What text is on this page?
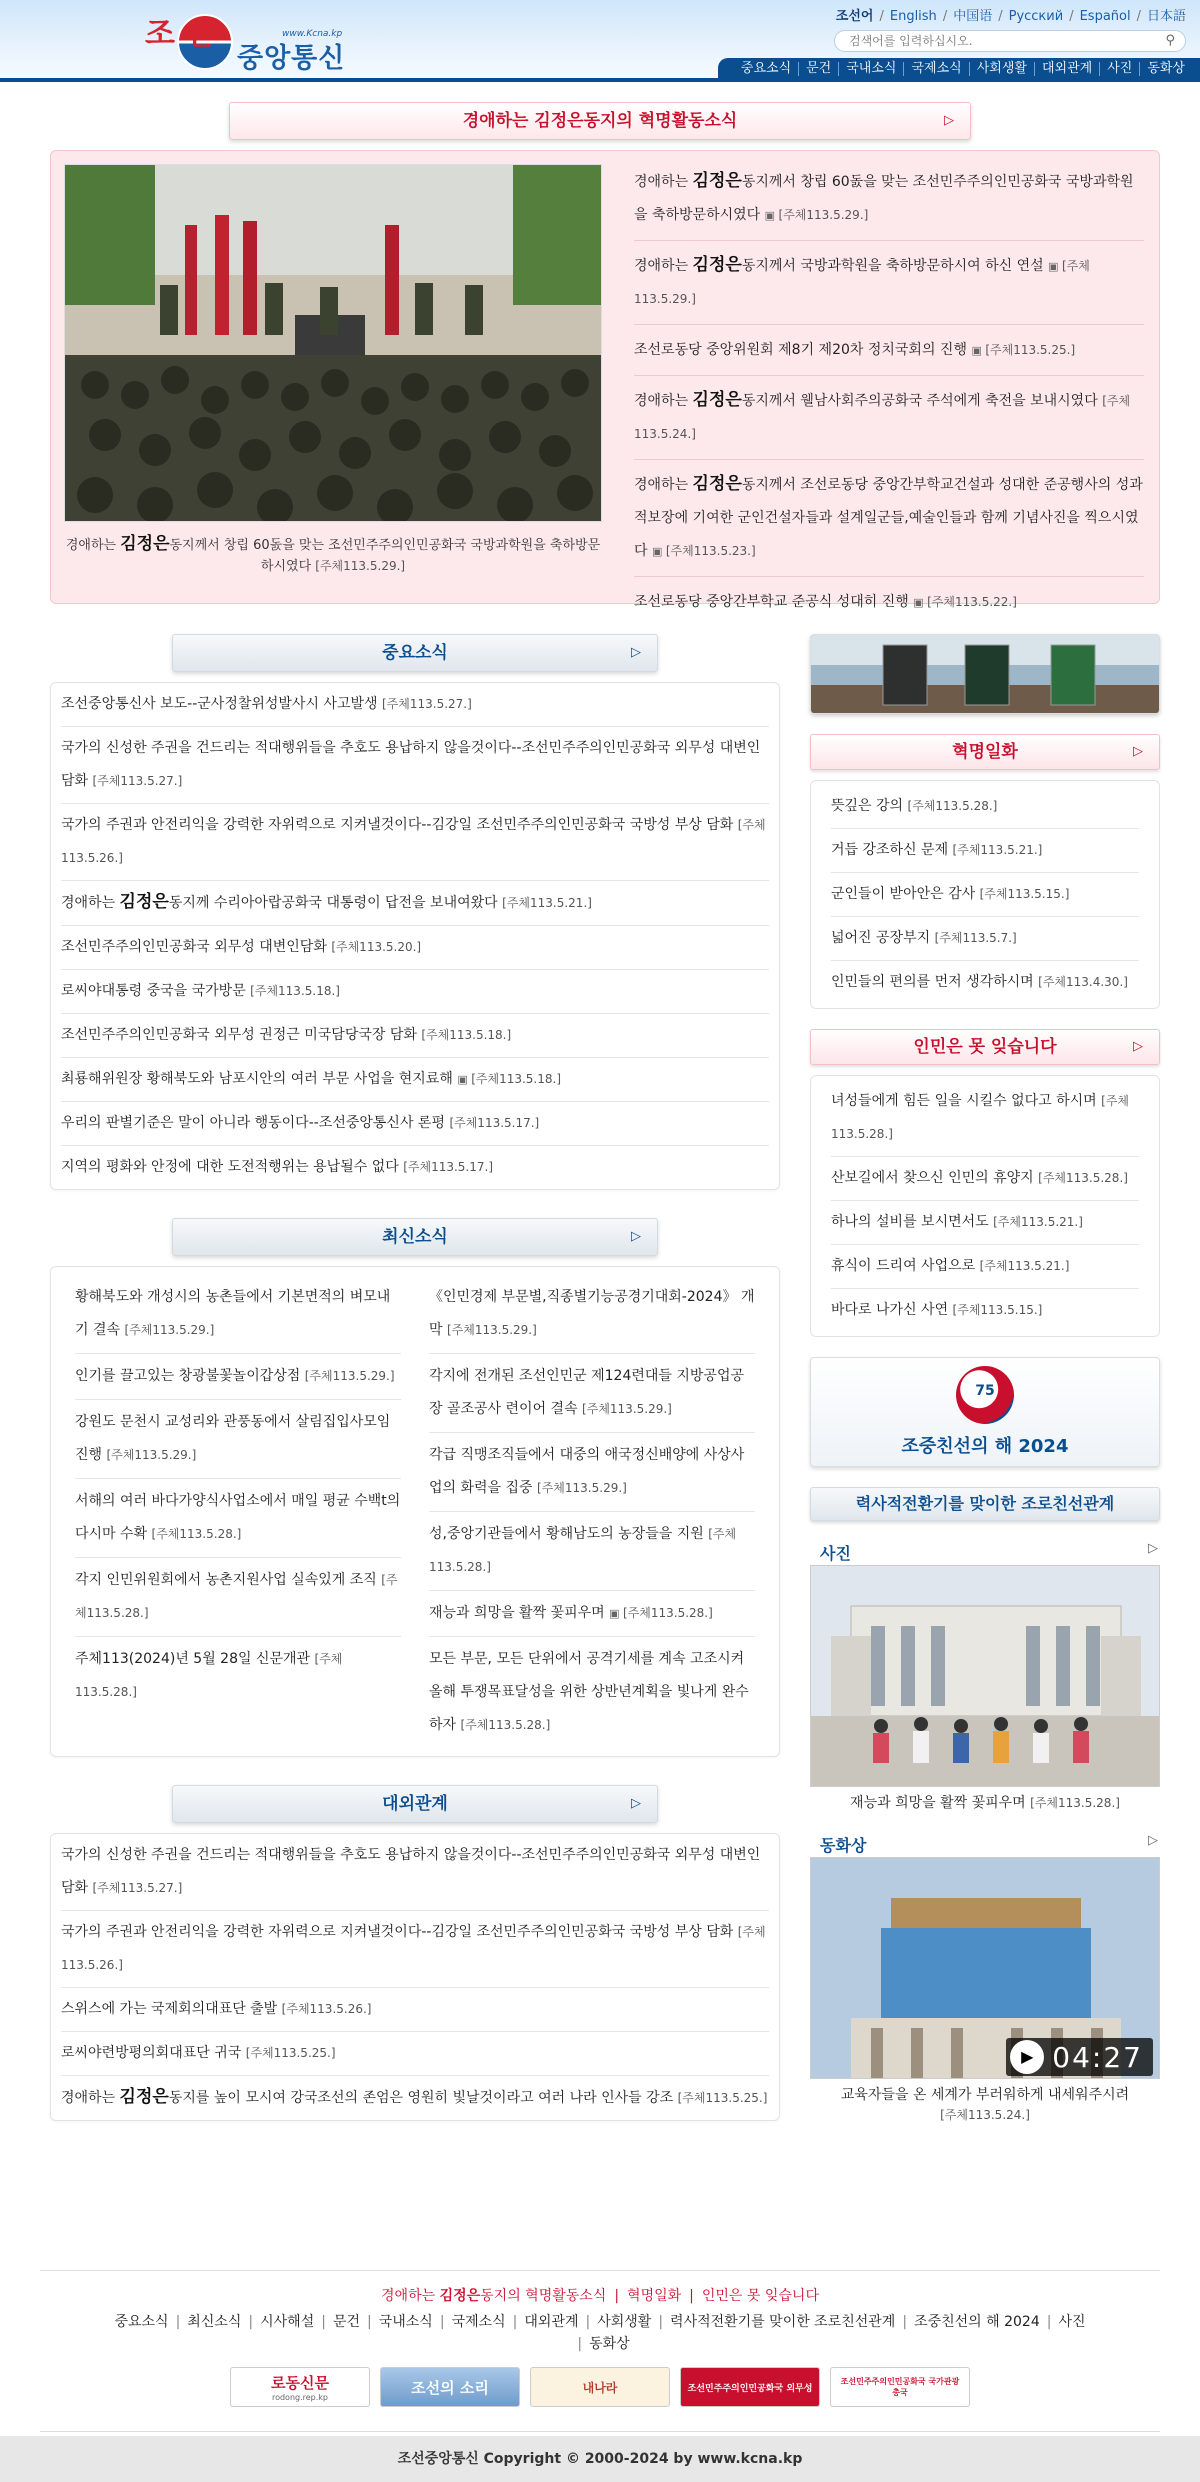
조선	www.Kcna.kp
중앙통신
조선어 / English / 中国语 / Русский / Español / 日本語
검색어를 입력하십시오.
⚲
중요소식	문건	국내소식	국제소식	사회생활	대외관계	사진	동화상
경애하는 김정은동지의 혁명활동소식	▷
경애하는 김정은동지께서 창립 60돐을 맞는 조선민주주의인민공화국 국방과학원을 축하방문하시였다 [주체113.5.29.]
경애하는 김정은동지께서 창립 60돐을 맞는 조선민주주의인민공화국 국방과학원을 축하방문하시였다 ▣ [주체113.5.29.]
경애하는 김정은동지께서 국방과학원을 축하방문하시여 하신 연설 ▣ [주체113.5.29.]
조선로동당 중앙위원회 제8기 제20차 정치국회의 진행 ▣ [주체113.5.25.]
경애하는 김정은동지께서 웰남사회주의공화국 주석에게 축전을 보내시였다 [주체113.5.24.]
경애하는 김정은동지께서 조선로동당 중앙간부학교건설과 성대한 준공행사의 성과적보장에 기여한 군인건설자들과 설계일군들,예술인들과 함께 기념사진을 찍으시였다 ▣ [주체113.5.23.]
조선로동당 중앙간부학교 준공식 성대히 진행 ▣ [주체113.5.22.]
중요소식	▷
조선중앙통신사 보도--군사정찰위성발사시 사고발생 [주체113.5.27.]
국가의 신성한 주권을 건드리는 적대행위들을 추호도 용납하지 않을것이다--조선민주주의인민공화국 외무성 대변인담화 [주체113.5.27.]
국가의 주권과 안전리익을 강력한 자위력으로 지켜낼것이다--김강일 조선민주주의인민공화국 국방성 부상 담화 [주체113.5.26.]
경애하는 김정은동지께 수리아아랍공화국 대통령이 답전을 보내여왔다 [주체113.5.21.]
조선민주주의인민공화국 외무성 대변인담화 [주체113.5.20.]
로씨야대통령 중국을 국가방문 [주체113.5.18.]
조선민주주의인민공화국 외무성 권정근 미국담당국장 담화 [주체113.5.18.]
최룡해위원장 황해북도와 남포시안의 여러 부문 사업을 현지료해 ▣ [주체113.5.18.]
우리의 판별기준은 말이 아니라 행동이다--조선중앙통신사 론평 [주체113.5.17.]
지역의 평화와 안정에 대한 도전적행위는 용납될수 없다 [주체113.5.17.]
최신소식	▷
황해북도와 개성시의 농촌들에서 기본면적의 벼모내기 결속 [주체113.5.29.]
인기를 끌고있는 창광불꽃놀이갑상점 [주체113.5.29.]
강원도 문천시 교성리와 관풍동에서 살림집입사모임 진행 [주체113.5.29.]
서해의 여러 바다가양식사업소에서 매일 평균 수백t의 다시마 수확 [주체113.5.28.]
각지 인민위원회에서 농촌지원사업 실속있게 조직 [주체113.5.28.]
주체113(2024)년 5월 28일 신문개관 [주체113.5.28.]
《인민경제 부문별,직종별기능공경기대회-2024》 개막 [주체113.5.29.]
각지에 전개된 조선인민군 제124련대들 지방공업공장 골조공사 련이어 결속 [주체113.5.29.]
각급 직맹조직들에서 대중의 애국정신배양에 사상사업의 화력을 집중 [주체113.5.29.]
성,중앙기관들에서 황해남도의 농장들을 지원 [주체113.5.28.]
재능과 희망을 활짝 꽃피우며 ▣ [주체113.5.28.]
모든 부문, 모든 단위에서 공격기세를 계속 고조시켜 올해 투쟁목표달성을 위한 상반년계획을 빛나게 완수하자 [주체113.5.28.]
대외관계	▷
국가의 신성한 주권을 건드리는 적대행위들을 추호도 용납하지 않을것이다--조선민주주의인민공화국 외무성 대변인담화 [주체113.5.27.]
국가의 주권과 안전리익을 강력한 자위력으로 지켜낼것이다--김강일 조선민주주의인민공화국 국방성 부상 담화 [주체113.5.26.]
스위스에 가는 국제회의대표단 출발 [주체113.5.26.]
로씨야련방평의회대표단 귀국 [주체113.5.25.]
경애하는 김정은동지를 높이 모시여 강국조선의 존엄은 영원히 빛날것이라고 여러 나라 인사들 강조 [주체113.5.25.]
혁명일화	▷
뜻깊은 강의 [주체113.5.28.]
거듭 강조하신 문제 [주체113.5.21.]
군인들이 받아안은 감사 [주체113.5.15.]
넓어진 공장부지 [주체113.5.7.]
인민들의 편의를 먼저 생각하시며 [주체113.4.30.]
인민은 못 잊습니다	▷
녀성들에게 힘든 일을 시킬수 없다고 하시며 [주체113.5.28.]
산보길에서 찾으신 인민의 휴양지 [주체113.5.28.]
하나의 설비를 보시면서도 [주체113.5.21.]
휴식이 드리여 사업으로 [주체113.5.21.]
바다로 나가신 사연 [주체113.5.15.]
75
조중친선의 해 2024
력사적전환기를 맞이한 조로친선관계
사진	▷
재능과 희망을 활짝 꽃피우며 [주체113.5.28.]
동화상	▷
▶ 04:27
교육자들을 온 세계가 부러워하게 내세워주시려
[주체113.5.24.]
경애하는 김정은동지의 혁명활동소식 | 혁명일화 | 인민은 못 잊습니다
중요소식 | 최신소식 | 시사해설 | 문건 | 국내소식 | 국제소식 | 대외관계 | 사회생활 | 력사적전환기를 맞이한 조로친선관계 | 조중친선의 해 2024 | 사진
| 동화상
로동신문
rodong.rep.kp
조선의 소리	내나라	조선민주주의인민공화국 외무성
조선민주주의인민공화국 국가관광총국
조선중앙통신 Copyright © 2000-2024 by www.kcna.kp
